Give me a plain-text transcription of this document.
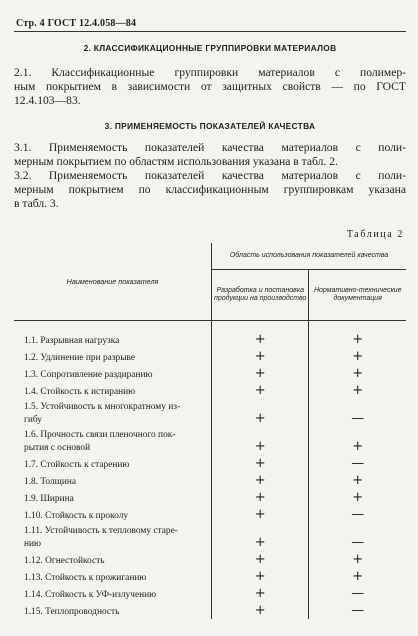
Стр. 4 ГОСТ 12.4.058—84
2. КЛАССИФИКАЦИОННЫЕ ГРУППИРОВКИ МАТЕРИАЛОВ
2.1. Классификационные группировки материалов с полимер-
ным покрытием в зависимости от защитных свойств — по ГОСТ
12.4.103—83.
3. ПРИМЕНЯЕМОСТЬ ПОКАЗАТЕЛЕЙ КАЧЕСТВА
3.1. Применяемость показателей качества материалов с поли-
мерным покрытием по областям использования указана в табл. 2.
3.2. Применяемость показателей качества материалов с поли-
мерным покрытием по классификационным группировкам указана
в табл. 3.
Таблица 2
Наименование показателя	Область использования показателей качества	
	Разработка и постановка продукции на производство	Нормативно-технические документация

1.1. Разрывная нагрузка	+	+

1.2. Удлинение при разрыве	+	+

1.3. Сопротивление раздиранию	+	+

1.4. Стойкость к истиранию	+	+

1.5. Устойчивость к многократному из-
гибу	+	—

1.6. Прочность связи пленочного пок-
рытия с основой	+	+

1.7. Стойкость к старению	+	—

1.8. Толщина	+	+

1.9. Ширина	+	+

1.10. Стойкость к проколу	+	—

1.11. Устойчивость к тепловому старе-
нию	+	—

1.12. Огнестойкость	+	+

1.13. Стойкость к прожиганию	+	+

1.14. Стойкость к УФ-излучению	+	—

1.15. Теплопроводность	+	—
